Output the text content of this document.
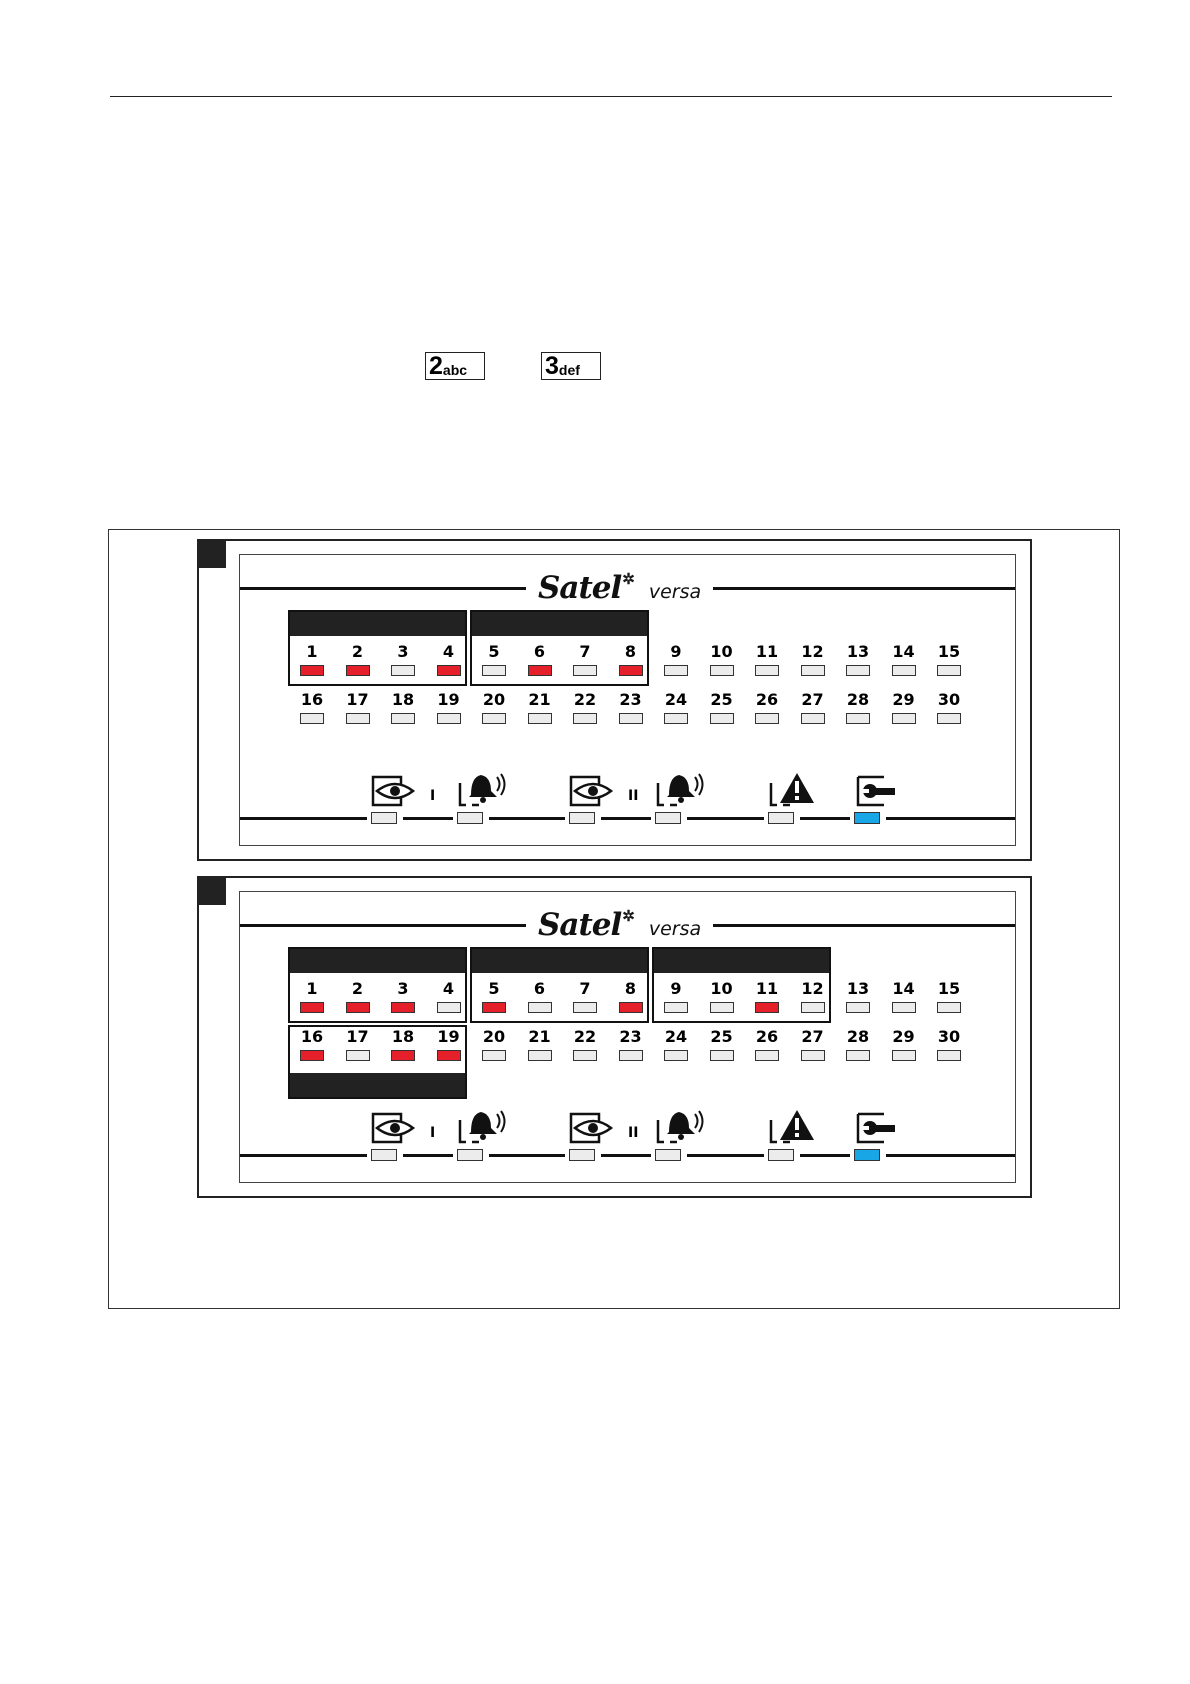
2 abc	3 def
Satel ✲
versa
1	2	3	4	5	6	7	8	9	10	11	12	13	14	15
16	17	18	19	20	21	22	23	24	25	26	27	28	29	30
I	II
Satel ✲
versa
1	2	3	4	5	6	7	8	9	10	11	12	13	14	15
16	17	18	19	20	21	22	23	24	25	26	27	28	29	30
I	II
